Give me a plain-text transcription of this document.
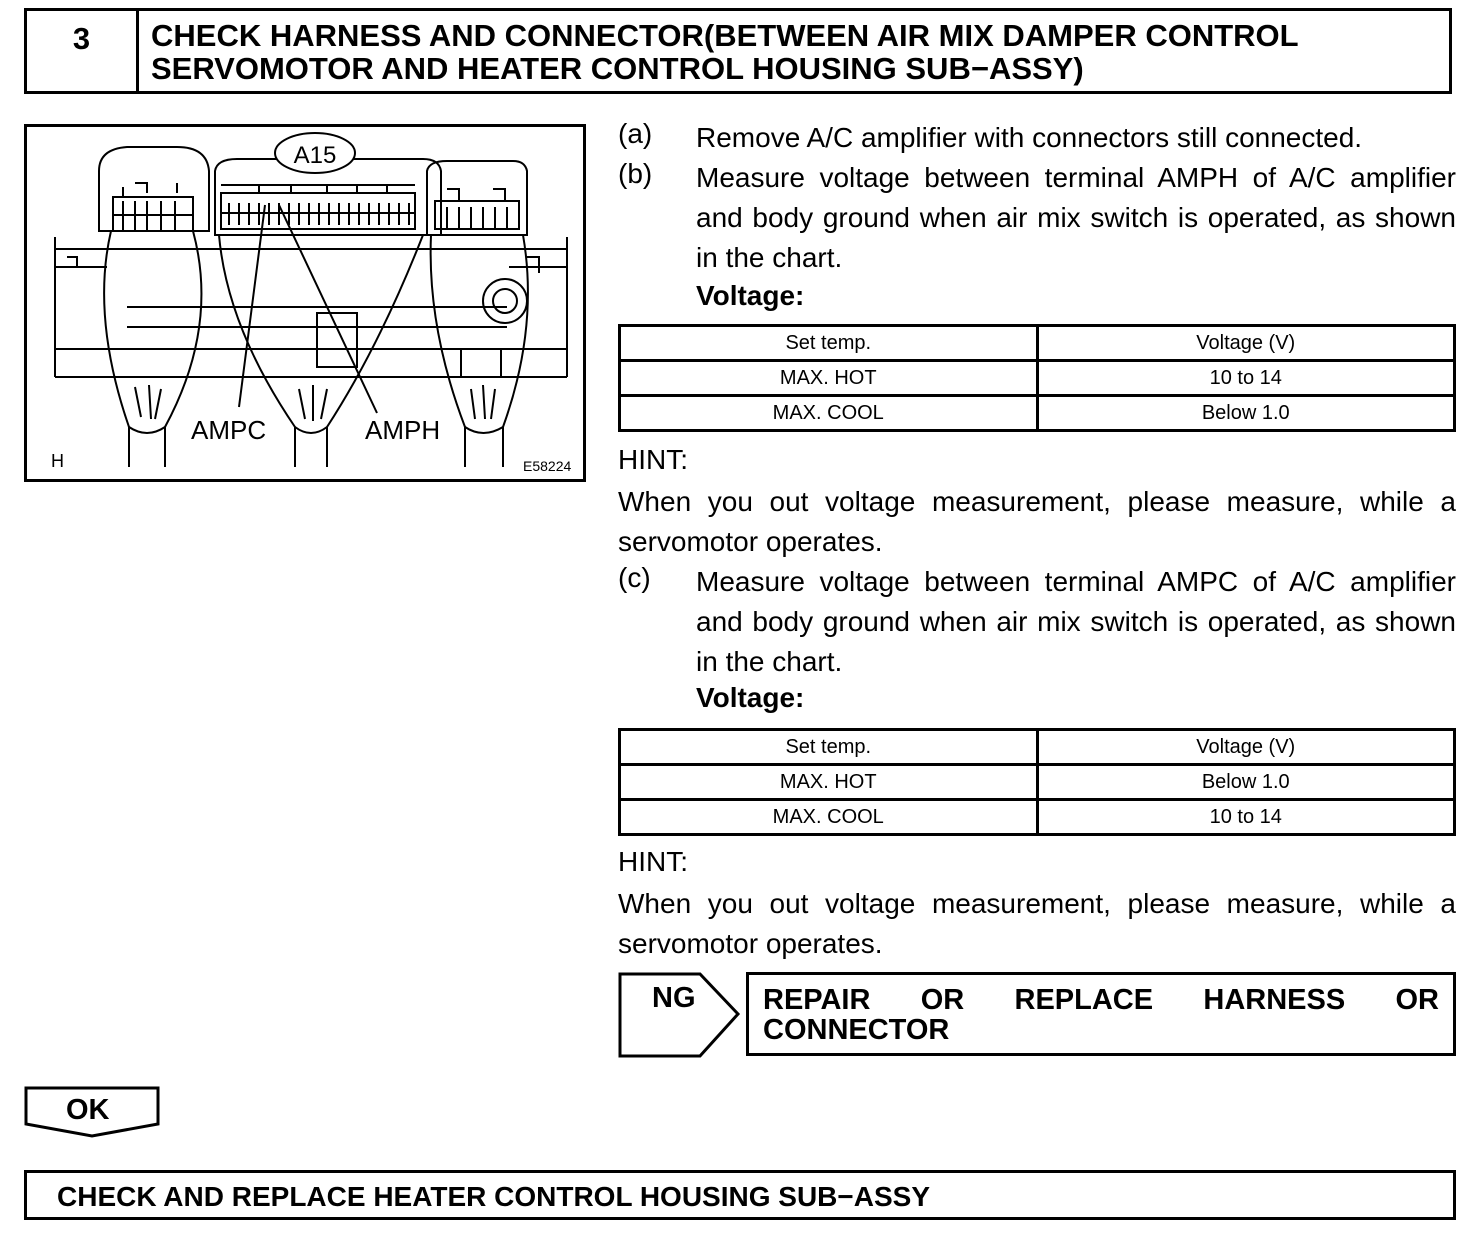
3	CHECK HARNESS AND CONNECTOR(BETWEEN AIR MIX DAMPER CONTROL SERVOMOTOR AND HEATER CONTROL HOUSING SUB−ASSY)
A15
AMPC	AMPH
H	E58224
(a) Remove A/C amplifier with connectors still connected.
(b) Measure voltage between terminal AMPH of A/C amplifier and body ground when air mix switch is operated, as shown in the chart.
Voltage:
Set temp.	Voltage (V)
MAX. HOT	10 to 14
MAX. COOL	Below 1.0
HINT:
When you out voltage measurement, please measure, while a servomotor operates.
(c) Measure voltage between terminal AMPC of A/C amplifier and body ground when air mix switch is operated, as shown in the chart.
Voltage:
Set temp.	Voltage (V)
MAX. HOT	Below 1.0
MAX. COOL	10 to 14
HINT:
When you out voltage measurement, please measure, while a servomotor operates.
NG REPAIR OR REPLACE HARNESS OR CONNECTOR
OK
CHECK AND REPLACE HEATER CONTROL HOUSING SUB−ASSY
